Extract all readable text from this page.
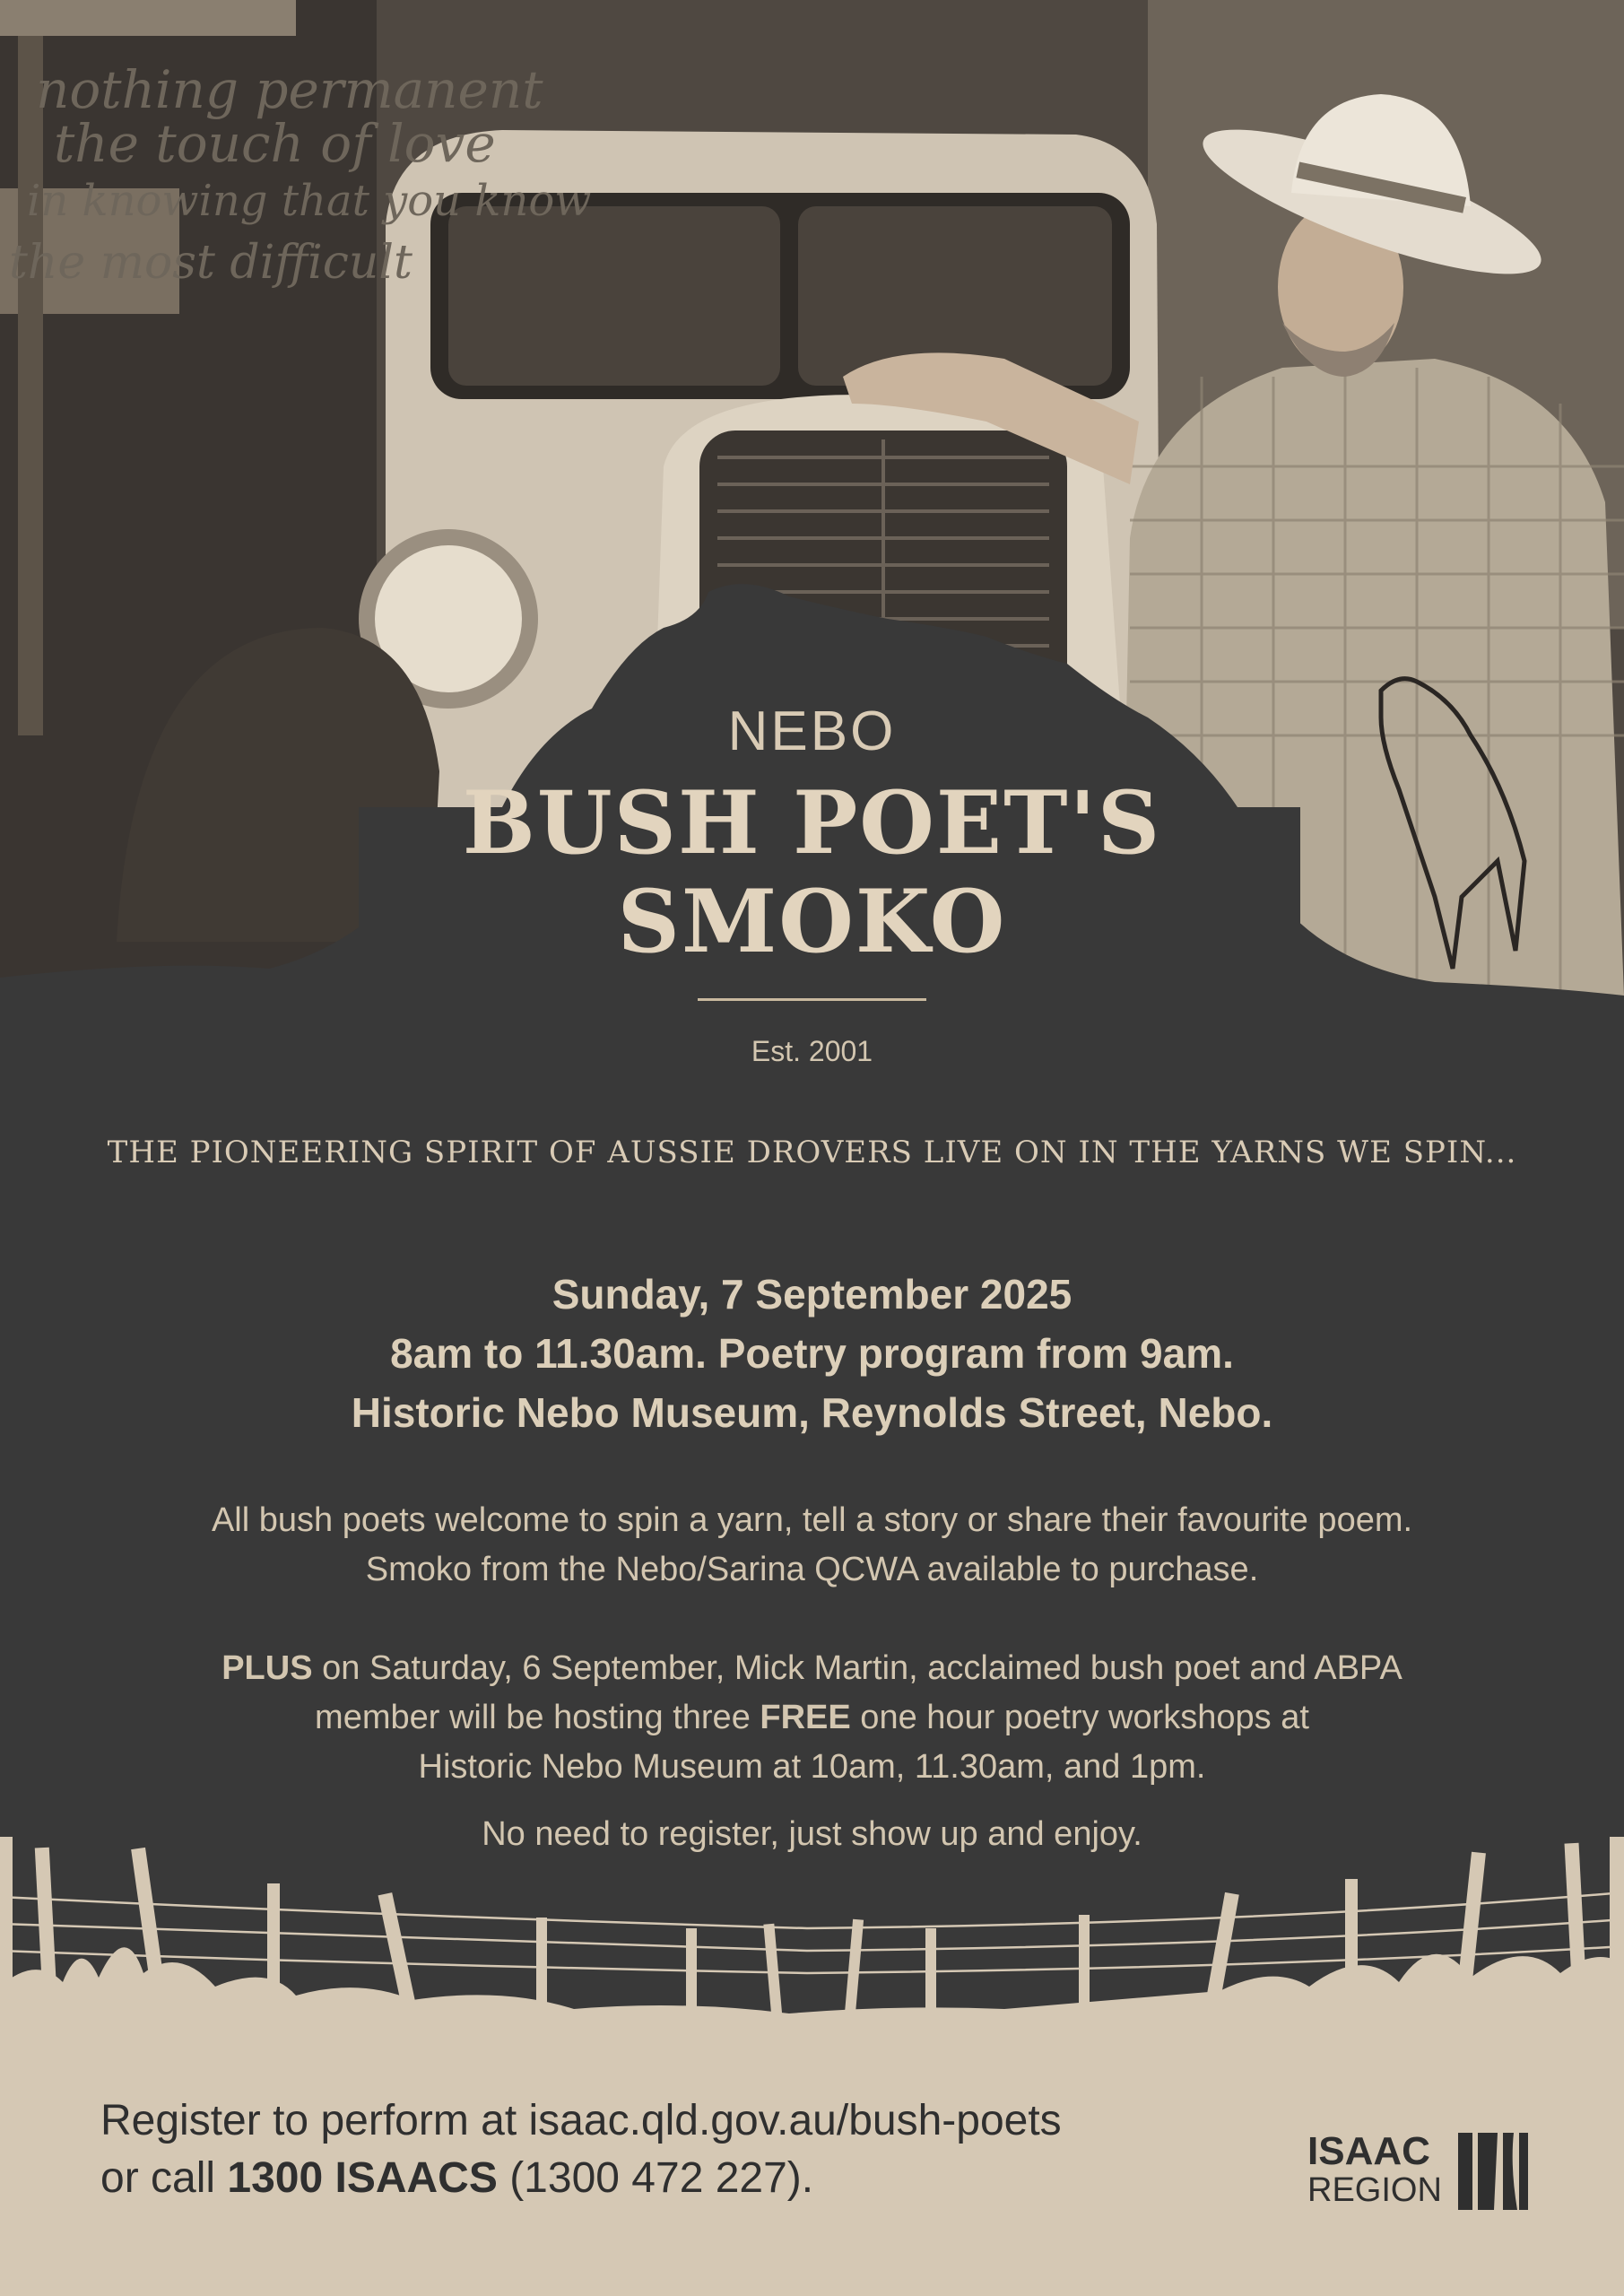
nothing permanent
the touch of love
in knowing that you know
the most difficult
NEBO
BUSH POET'S
SMOKO
Est. 2001
THE PIONEERING SPIRIT OF AUSSIE DROVERS LIVE ON IN THE YARNS WE SPIN...
Sunday, 7 September 2025
8am to 11.30am. Poetry program from 9am.
Historic Nebo Museum, Reynolds Street, Nebo.
All bush poets welcome to spin a yarn, tell a story or share their favourite poem.
Smoko from the Nebo/Sarina QCWA available to purchase.
PLUS on Saturday, 6 September, Mick Martin, acclaimed bush poet and ABPA
member will be hosting three FREE one hour poetry workshops at
Historic Nebo Museum at 10am, 11.30am, and 1pm.
No need to register, just show up and enjoy.
Register to perform at isaac.qld.gov.au/bush-poets
or call 1300 ISAACS (1300 472 227).
ISAAC
REGION
